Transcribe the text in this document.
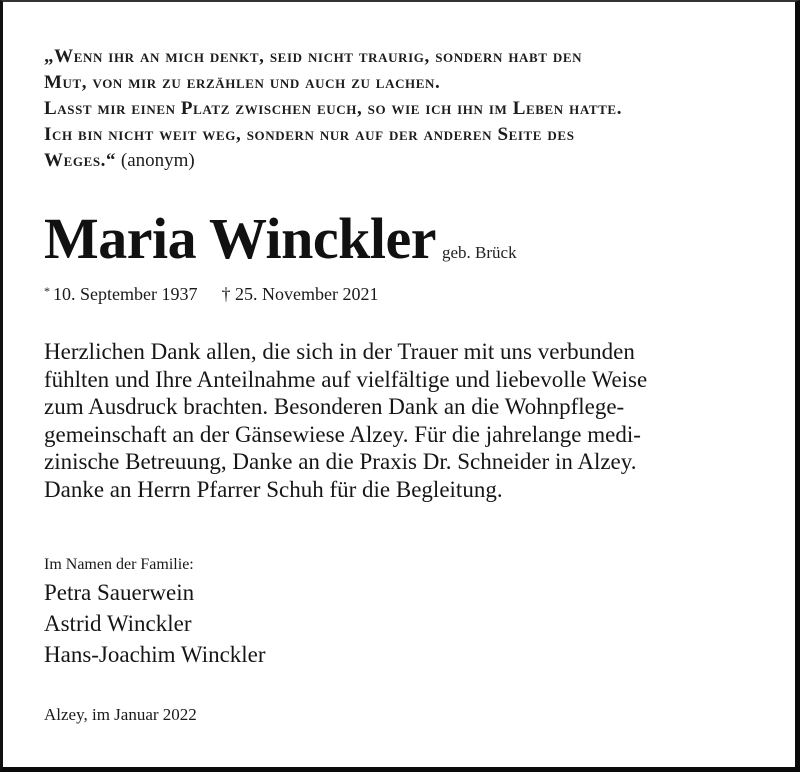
„Wenn ihr an mich denkt, seid nicht traurig, sondern habt den
Mut, von mir zu erzählen und auch zu lachen.
Lasst mir einen Platz zwischen euch, so wie ich ihn im Leben hatte.
Ich bin nicht weit weg, sondern nur auf der anderen Seite des
Weges.“ (anonym)
Maria Winckler geb. Brück
* 10. September 1937 † 25. November 2021
Herzlichen Dank allen, die sich in der Trauer mit uns verbunden
fühlten und Ihre Anteilnahme auf vielfältige und liebevolle Weise
zum Ausdruck brachten. Besonderen Dank an die Wohnpflege-
gemeinschaft an der Gänsewiese Alzey. Für die jahrelange medi-
zinische Betreuung, Danke an die Praxis Dr. Schneider in Alzey.
Danke an Herrn Pfarrer Schuh für die Begleitung.
Im Namen der Familie:
Petra Sauerwein
Astrid Winckler
Hans-Joachim Winckler
Alzey, im Januar 2022
